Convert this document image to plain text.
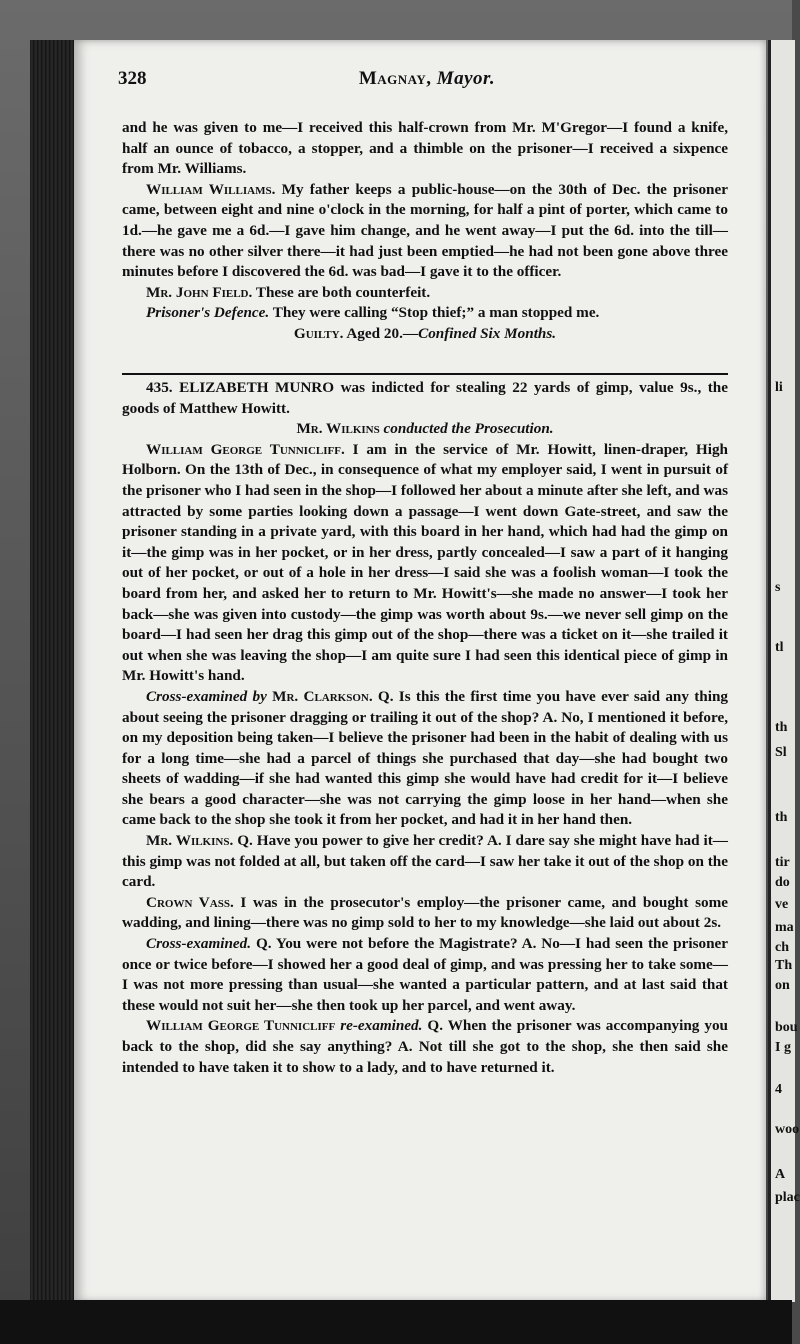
328	Magnay, Mayor.

and he was given to me—I received this half-crown from Mr. M'Gregor—I found a knife, half an ounce of tobacco, a stopper, and a thimble on the prisoner—I received a sixpence from Mr. Williams.

William Williams. My father keeps a public-house—on the 30th of Dec. the prisoner came, between eight and nine o'clock in the morning, for half a pint of porter, which came to 1d.—he gave me a 6d.—I gave him change, and he went away—I put the 6d. into the till—there was no other silver there—it had just been emptied—he had not been gone above three minutes before I discovered the 6d. was bad—I gave it to the officer.

Mr. John Field. These are both counterfeit.

Prisoner's Defence. They were calling “Stop thief;” a man stopped me.

Guilty. Aged 20.—Confined Six Months.

435. ELIZABETH MUNRO was indicted for stealing 22 yards of gimp, value 9s., the goods of Matthew Howitt.

Mr. Wilkins conducted the Prosecution.

William George Tunnicliff. I am in the service of Mr. Howitt, linen-draper, High Holborn. On the 13th of Dec., in consequence of what my employer said, I went in pursuit of the prisoner who I had seen in the shop—I followed her about a minute after she left, and was attracted by some parties looking down a passage—I went down Gate-street, and saw the prisoner standing in a private yard, with this board in her hand, which had had the gimp on it—the gimp was in her pocket, or in her dress, partly concealed—I saw a part of it hanging out of her pocket, or out of a hole in her dress—I said she was a foolish woman—I took the board from her, and asked her to return to Mr. Howitt's—she made no answer—I took her back—she was given into custody—the gimp was worth about 9s.—we never sell gimp on the board—I had seen her drag this gimp out of the shop—there was a ticket on it—she trailed it out when she was leaving the shop—I am quite sure I had seen this identical piece of gimp in Mr. Howitt's hand.

Cross-examined by Mr. Clarkson. Q. Is this the first time you have ever said any thing about seeing the prisoner dragging or trailing it out of the shop? A. No, I mentioned it before, on my deposition being taken—I believe the prisoner had been in the habit of dealing with us for a long time—she had a parcel of things she purchased that day—she had bought two sheets of wadding—if she had wanted this gimp she would have had credit for it—I believe she bears a good character—she was not carrying the gimp loose in her hand—when she came back to the shop she took it from her pocket, and had it in her hand then.

Mr. Wilkins. Q. Have you power to give her credit? A. I dare say she might have had it—this gimp was not folded at all, but taken off the card—I saw her take it out of the shop on the card.

Crown Vass. I was in the prosecutor's employ—the prisoner came, and bought some wadding, and lining—there was no gimp sold to her to my knowledge—she laid out about 2s.

Cross-examined. Q. You were not before the Magistrate? A. No—I had seen the prisoner once or twice before—I showed her a good deal of gimp, and was pressing her to take some—I was not more pressing than usual—she wanted a particular pattern, and at last said that these would not suit her—she then took up her parcel, and went away.

William George Tunnicliff re-examined. Q. When the prisoner was accompanying you back to the shop, did she say anything? A. Not till she got to the shop, she then said she intended to have taken it to show to a lady, and to have returned it.

li
s
tl
th
Sl
th
tir
do
ve
ma
ch
Th
on
bou
I g
4
woo
A
plac
